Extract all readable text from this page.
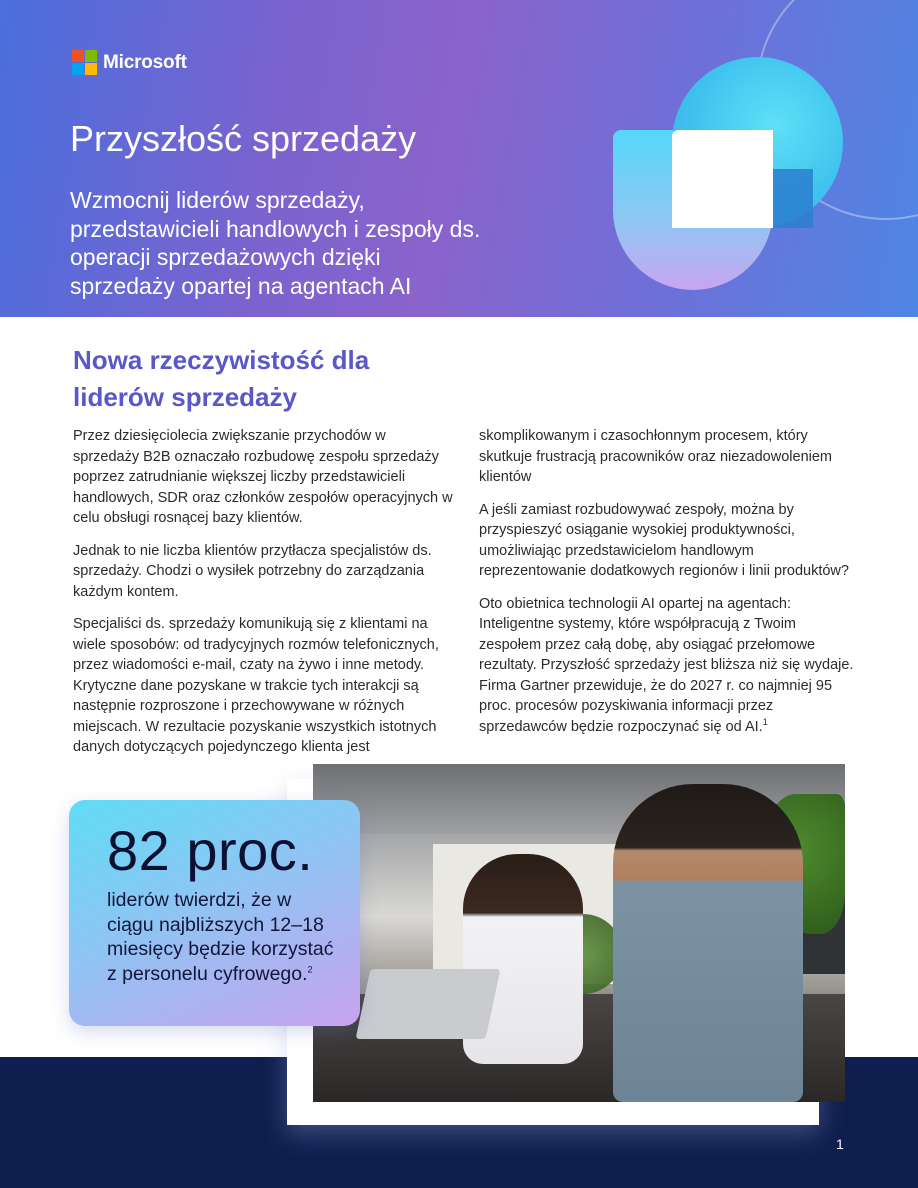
Microsoft
Przyszłość sprzedaży
Wzmocnij liderów sprzedaży, przedstawicieli handlowych i zespoły ds. operacji sprzedażowych dzięki sprzedaży opartej na agentach AI
Nowa rzeczywistość dla liderów sprzedaży

Przez dziesięciolecia zwiększanie przychodów w sprzedaży B2B oznaczało rozbudowę zespołu sprzedaży poprzez zatrudnianie większej liczby przedstawicieli handlowych, SDR oraz członków zespołów operacyjnych w celu obsługi rosnącej bazy klientów.

Jednak to nie liczba klientów przytłacza specjalistów ds. sprzedaży. Chodzi o wysiłek potrzebny do zarządzania każdym kontem.

Specjaliści ds. sprzedaży komunikują się z klientami na wiele sposobów: od tradycyjnych rozmów telefonicznych, przez wiadomości e-mail, czaty na żywo i inne metody. Krytyczne dane pozyskane w trakcie tych interakcji są następnie rozproszone i przechowywane w różnych miejscach. W rezultacie pozyskanie wszystkich istotnych danych dotyczących pojedynczego klienta jest

skomplikowanym i czasochłonnym procesem, który skutkuje frustracją pracowników oraz niezadowoleniem klientów

A jeśli zamiast rozbudowywać zespoły, można by przyspieszyć osiąganie wysokiej produktywności, umożliwiając przedstawicielom handlowym reprezentowanie dodatkowych regionów i linii produktów?

Oto obietnica technologii AI opartej na agentach: Inteligentne systemy, które współpracują z Twoim zespołem przez całą dobę, aby osiągać przełomowe rezultaty. Przyszłość sprzedaży jest bliższa niż się wydaje. Firma Gartner przewiduje, że do 2027 r. co najmniej 95 proc. procesów pozyskiwania informacji przez sprzedawców będzie rozpoczynać się od AI.$^1$

82 proc.
liderów twierdzi, że w ciągu najbliższych 12–18 miesięcy będzie korzystać z personelu cyfrowego.$^2$
1
